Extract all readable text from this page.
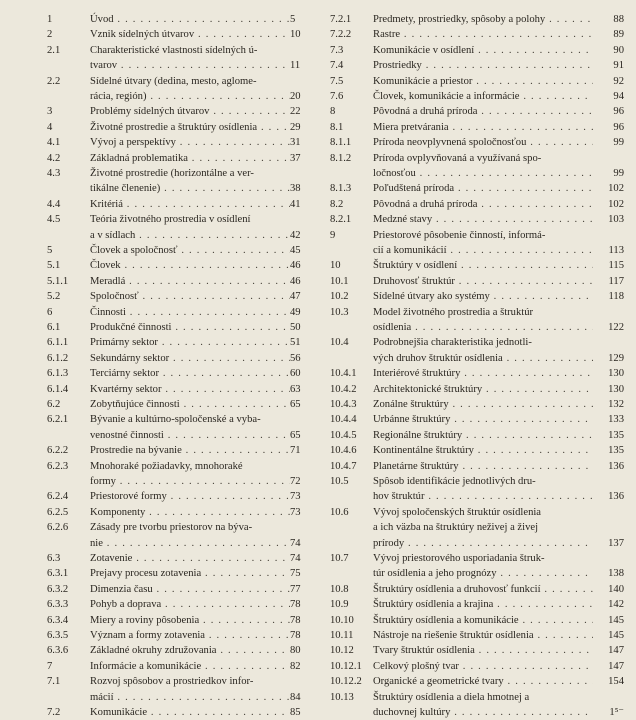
1	Úvod . . .	5
2	Vznik sídelných útvarov . . .	10
2.1	Charakteristické vlastnosti sídelných ú-
tvarov . . .	11
2.2	Sídelné útvary (dedina, mesto, aglome-
rácia, región) . . .	20
3	Problémy sídelných útvarov . . .	22
4	Životné prostredie a štruktúry osídlenia . . .	29
4.1	Vývoj a perspektívy . . .	31
4.2	Základná problematika . . .	37
4.3	Životné prostredie (horizontálne a ver-
tikálne členenie) . . .	38
4.4	Kritériá . . .	41
4.5	Teória životného prostredia v osídlení
a v sídlach . . .	42
5	Človek a spoločnosť . . .	45
5.1	Človek . . .	46
5.1.1	Meradlá . . .	46
5.2	Spoločnosť . . .	47
6	Činnosti . . .	49
6.1	Produkčné činnosti . . .	50
6.1.1	Primárny sektor . . .	51
6.1.2	Sekundárny sektor . . .	56
6.1.3	Terciárny sektor . . .	60
6.1.4	Kvartérny sektor . . .	63
6.2	Zobytňujúce činnosti . . .	65
6.2.1	Bývanie a kultúrno-spoločenské a vyba-
venostné činnosti . . .	65
6.2.2	Prostredie na bývanie . . .	71
6.2.3	Mnohoraké požiadavky, mnohoraké
formy . . .	72
6.2.4	Priestorové formy . . .	73
6.2.5	Komponenty . . .	73
6.2.6	Zásady pre tvorbu priestorov na býva-
nie . . .	74
6.3	Zotavenie . . .	74
6.3.1	Prejavy procesu zotavenia . . .	75
6.3.2	Dimenzia času . . .	77
6.3.3	Pohyb a doprava . . .	78
6.3.4	Miery a roviny pôsobenia . . .	78
6.3.5	Význam a formy zotavenia . . .	78
6.3.6	Základné okruhy združovania . . .	80
7	Informácie a komunikácie . . .	82
7.1	Rozvoj spôsobov a prostriedkov infor-
mácií . . .	84
7.2	Komunikácie . . .	85
7.2.1	Predmety, prostriedky, spôsoby a polohy . . .	88
7.2.2	Rastre . . .	89
7.3	Komunikácie v osídlení . . .	90
7.4	Prostriedky . . .	91
7.5	Komunikácie a priestor . . .	92
7.6	Človek, komunikácie a informácie . . .	94
8	Pôvodná a druhá príroda . . .	96
8.1	Miera pretvárania . . .	96
8.1.1	Príroda neovplyvnená spoločnosťou . . .	99
8.1.2	Príroda ovplyvňovaná a využívaná spo-
ločnosťou . . .	99
8.1.3	Poľudštená príroda . . .	102
8.2	Pôvodná a druhá príroda . . .	102
8.2.1	Medzné stavy . . .	103
9	Priestorové pôsobenie činností, informá-
cií a komunikácií . . .	113
10	Štruktúry v osídlení . . .	115
10.1	Druhovosť štruktúr . . .	117
10.2	Sídelné útvary ako systémy . . .	118
10.3	Model životného prostredia a štruktúr
osídlenia . . .	122
10.4	Podrobnejšia charakteristika jednotli-
vých druhov štruktúr osídlenia . . .	129
10.4.1	Interiérové štruktúry . . .	130
10.4.2	Architektonické štruktúry . . .	130
10.4.3	Zonálne štruktúry . . .	132
10.4.4	Urbánne štruktúry . . .	133
10.4.5	Regionálne štruktúry . . .	135
10.4.6	Kontinentálne štruktúry . . .	135
10.4.7	Planetárne štruktúry . . .	136
10.5	Spôsob identifikácie jednotlivých dru-
hov štruktúr . . .	136
10.6	Vývoj spoločenských štruktúr osídlenia
a ich väzba na štruktúry neživej a živej
prírody . . .	137
10.7	Vývoj priestorového usporiadania štruk-
túr osídlenia a jeho prognózy . . .	138
10.8	Štruktúry osídlenia a druhovosť funkcií . . .	140
10.9	Štruktúry osídlenia a krajina . . .	142
10.10	Štruktúry osídlenia a komunikácie . . .	145
10.11	Nástroje na riešenie štruktúr osídlenia . . .	145
10.12	Tvary štruktúr osídlenia . . .	147
10.12.1	Celkový plošný tvar . . .	147
10.12.2	Organické a geometrické tvary . . .	154
10.13	Štruktúry osídlenia a diela hmotnej a
duchovnej kultúry . . .	1⁵⁻
